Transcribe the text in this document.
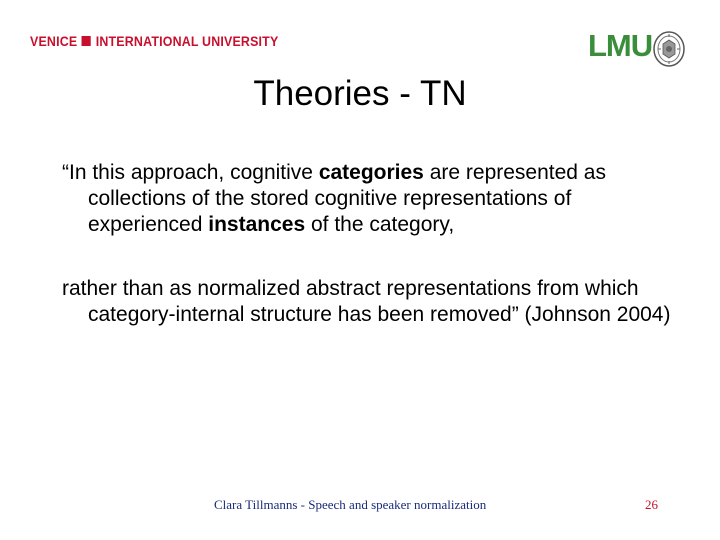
VENICE INTERNATIONAL UNIVERSITY	LMU
Theories - TN

“In this approach, cognitive categories are represented as collections of the stored cognitive representations of experienced instances of the category,

rather than as normalized abstract representations from which category-internal structure has been removed” (Johnson 2004)

Clara Tillmanns - Speech and speaker normalization	26
